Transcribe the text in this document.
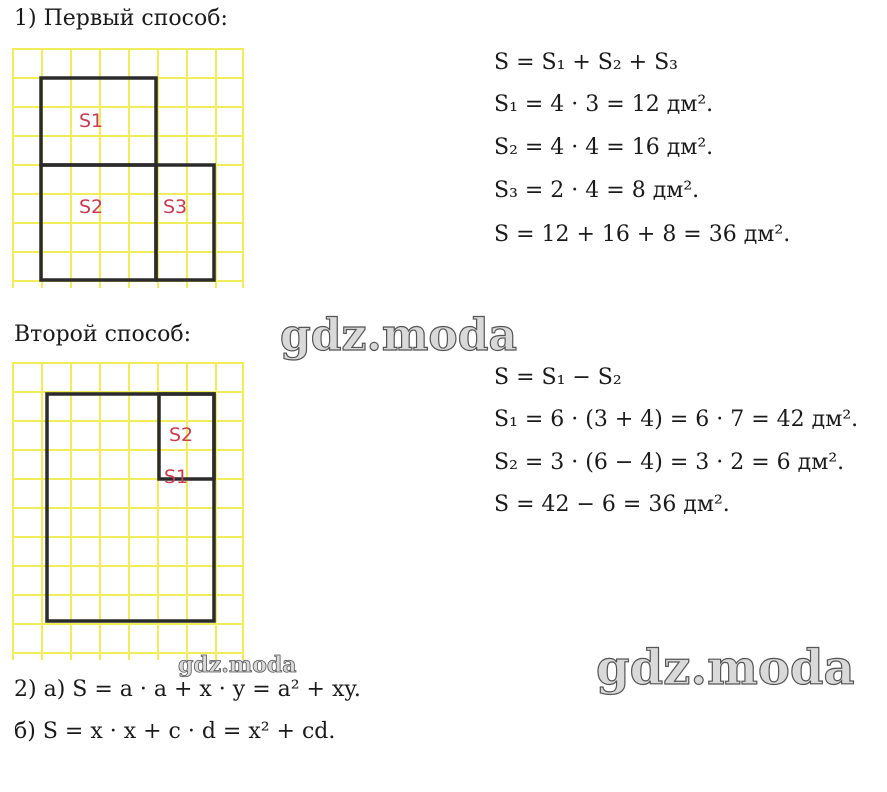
1) Первый способ:
S1
S2	S3
S = S₁ + S₂ + S₃
S₁ = 4 · 3 = 12 дм².
S₂ = 4 · 4 = 16 дм².
S₃ = 2 · 4 = 8 дм².
S = 12 + 16 + 8 = 36 дм².
Второй способ:
S2
S1
S = S₁ − S₂
S₁ = 6 · (3 + 4) = 6 · 7 = 42 дм².
S₂ = 3 · (6 − 4) = 3 · 2 = 6 дм².
S = 42 − 6 = 36 дм².
2) а) S = a · a + x · y = a² + xy.
б) S = x · x + c · d = x² + cd.
gdz.moda
gdz.moda	gdz.moda
